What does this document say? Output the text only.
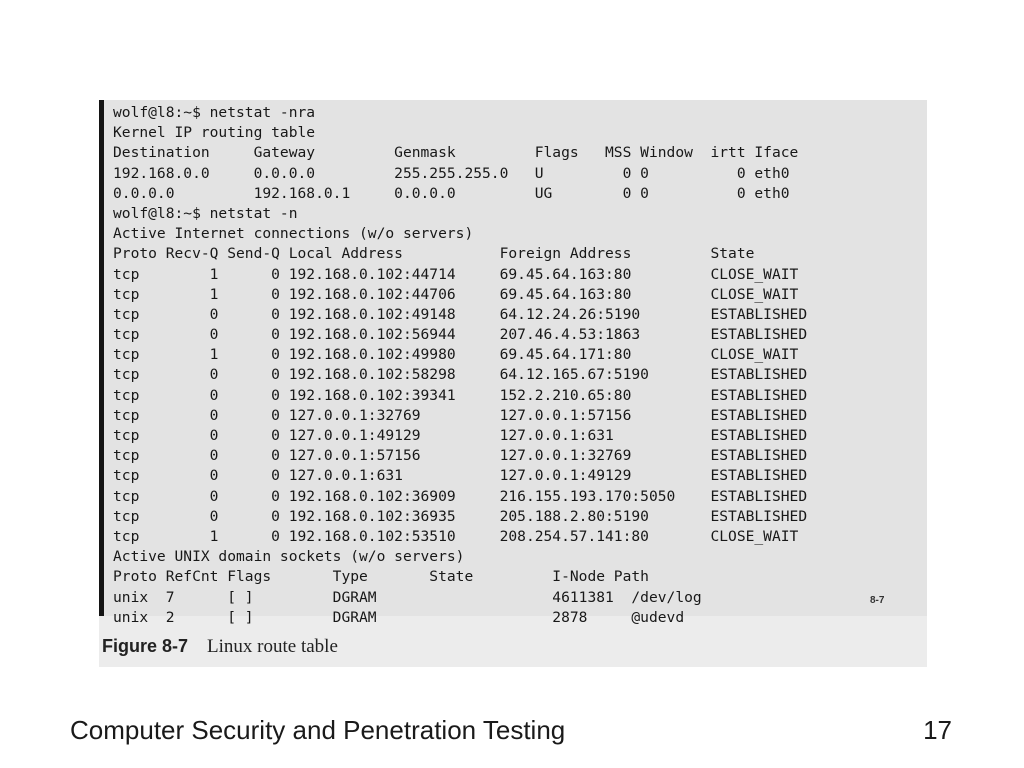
wolf@l8:~$ netstat -nra
Kernel IP routing table
Destination     Gateway         Genmask         Flags   MSS Window  irtt Iface
192.168.0.0     0.0.0.0         255.255.255.0   U         0 0          0 eth0
0.0.0.0         192.168.0.1     0.0.0.0         UG        0 0          0 eth0
wolf@l8:~$ netstat -n
Active Internet connections (w/o servers)
Proto Recv-Q Send-Q Local Address           Foreign Address         State
tcp        1      0 192.168.0.102:44714     69.45.64.163:80         CLOSE_WAIT
tcp        1      0 192.168.0.102:44706     69.45.64.163:80         CLOSE_WAIT
tcp        0      0 192.168.0.102:49148     64.12.24.26:5190        ESTABLISHED
tcp        0      0 192.168.0.102:56944     207.46.4.53:1863        ESTABLISHED
tcp        1      0 192.168.0.102:49980     69.45.64.171:80         CLOSE_WAIT
tcp        0      0 192.168.0.102:58298     64.12.165.67:5190       ESTABLISHED
tcp        0      0 192.168.0.102:39341     152.2.210.65:80         ESTABLISHED
tcp        0      0 127.0.0.1:32769         127.0.0.1:57156         ESTABLISHED
tcp        0      0 127.0.0.1:49129         127.0.0.1:631           ESTABLISHED
tcp        0      0 127.0.0.1:57156         127.0.0.1:32769         ESTABLISHED
tcp        0      0 127.0.0.1:631           127.0.0.1:49129         ESTABLISHED
tcp        0      0 192.168.0.102:36909     216.155.193.170:5050    ESTABLISHED
tcp        0      0 192.168.0.102:36935     205.188.2.80:5190       ESTABLISHED
tcp        1      0 192.168.0.102:53510     208.254.57.141:80       CLOSE_WAIT
Active UNIX domain sockets (w/o servers)
Proto RefCnt Flags       Type       State         I-Node Path
unix  7      [ ]         DGRAM                    4611381  /dev/log
unix  2      [ ]         DGRAM                    2878     @udevd
8-7
Figure 8-7 Linux route table
Computer Security and Penetration Testing	17
